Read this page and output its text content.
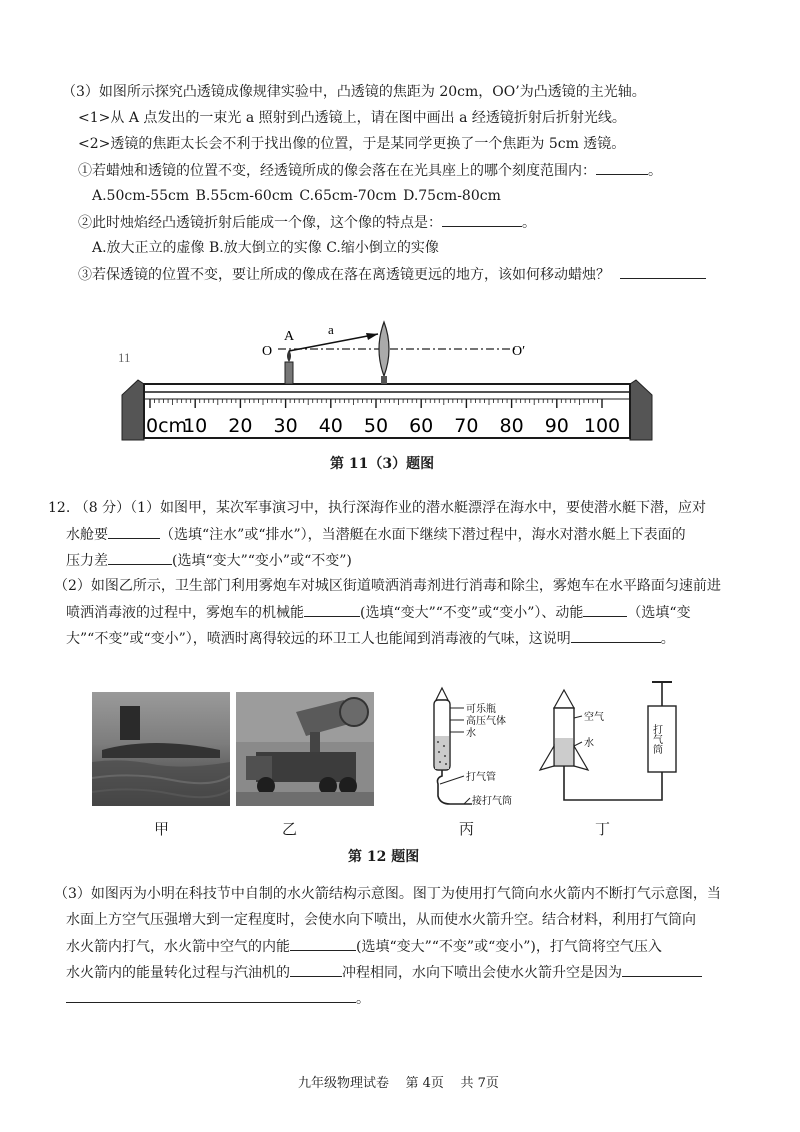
（3）如图所示探究凸透镜成像规律实验中，凸透镜的焦距为 20cm，OO’为凸透镜的主光轴。
<1>从 A 点发出的一束光 a 照射到凸透镜上，请在图中画出 a 经透镜折射后折射光线。
<2>透镜的焦距太长会不利于找出像的位置，于是某同学更换了一个焦距为 5cm 透镜。
①若蜡烛和透镜的位置不变，经透镜所成的像会落在在光具座上的哪个刻度范围内：	。
A.50cm-55cm B.55cm-60cm C.65cm-70cm D.75cm-80cm
②此时烛焰经凸透镜折射后能成一个像，这个像的特点是：	。
A.放大正立的虚像 B.放大倒立的实像 C.缩小倒立的实像
③若保透镜的位置不变，要让所成的像成在落在离透镜更远的地方，该如何移动蜡烛？
O	O′
A	a
11
0cm
10 20 30 40 50 60 70 80 90 100
第 11（3）题图
12. （8 分）（1）如图甲，某次军事演习中，执行深海作业的潜水艇漂浮在海水中，要使潜水艇下潜，应对
水舱要	（选填“注水”或“排水”），当潜艇在水面下继续下潜过程中，海水对潜水艇上下表面的
压力差	(选填“变大”“变小”或“不变”)
（2）如图乙所示，卫生部门利用雾炮车对城区街道喷洒消毒剂进行消毒和除尘，雾炮车在水平路面匀速前进
喷洒消毒液的过程中，雾炮车的机械能	(选填“变大”“不变”或“变小”）、动能	（选填“变
大”“不变”或“变小”），喷洒时离得较远的环卫工人也能闻到消毒液的气味，这说明	。
可乐瓶
高压气体
水
打气管
接打气筒
空气
水	打气筒
甲	乙	丙	丁
第 12 题图
（3）如图丙为小明在科技节中自制的水火箭结构示意图。图丁为使用打气筒向水火箭内不断打气示意图，当
水面上方空气压强增大到一定程度时，会使水向下喷出，从而使水火箭升空。结合材料，利用打气筒向
水火箭内打气，水火箭中空气的内能	(选填“变大”“不变”或“变小”)，打气筒将空气压入
水火箭内的能量转化过程与汽油机的	冲程相同，水向下喷出会使水火箭升空是因为
。
九年级物理试卷    第 4页    共 7页
